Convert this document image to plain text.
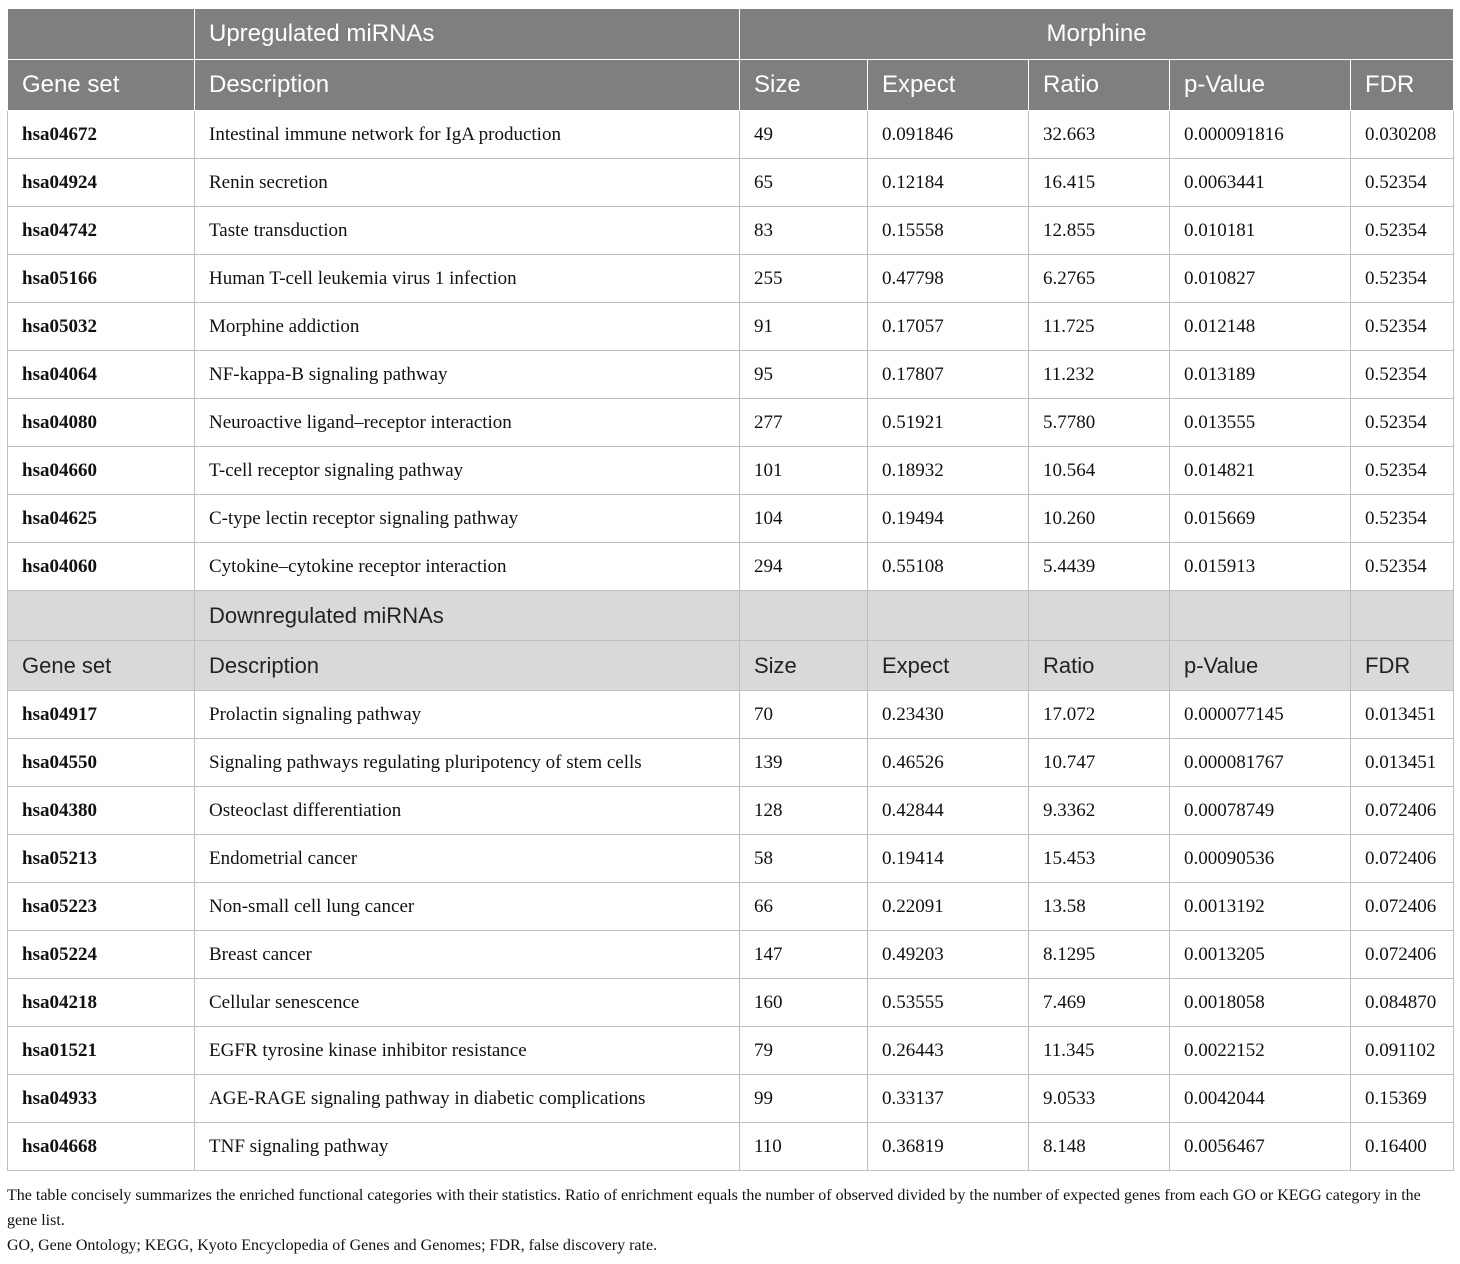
	Upregulated miRNAs	Morphine				
Gene set	Description	Size	Expect	Ratio	p-Value	FDR
hsa04672	Intestinal immune network for IgA production	49	0.091846	32.663	0.000091816	0.030208
hsa04924	Renin secretion	65	0.12184	16.415	0.0063441	0.52354
hsa04742	Taste transduction	83	0.15558	12.855	0.010181	0.52354
hsa05166	Human T-cell leukemia virus 1 infection	255	0.47798	6.2765	0.010827	0.52354
hsa05032	Morphine addiction	91	0.17057	11.725	0.012148	0.52354
hsa04064	NF-kappa-B signaling pathway	95	0.17807	11.232	0.013189	0.52354
hsa04080	Neuroactive ligand–receptor interaction	277	0.51921	5.7780	0.013555	0.52354
hsa04660	T-cell receptor signaling pathway	101	0.18932	10.564	0.014821	0.52354
hsa04625	C-type lectin receptor signaling pathway	104	0.19494	10.260	0.015669	0.52354
hsa04060	Cytokine–cytokine receptor interaction	294	0.55108	5.4439	0.015913	0.52354
	Downregulated miRNAs					
Gene set	Description	Size	Expect	Ratio	p-Value	FDR
hsa04917	Prolactin signaling pathway	70	0.23430	17.072	0.000077145	0.013451
hsa04550	Signaling pathways regulating pluripotency of stem cells	139	0.46526	10.747	0.000081767	0.013451
hsa04380	Osteoclast differentiation	128	0.42844	9.3362	0.00078749	0.072406
hsa05213	Endometrial cancer	58	0.19414	15.453	0.00090536	0.072406
hsa05223	Non-small cell lung cancer	66	0.22091	13.58	0.0013192	0.072406
hsa05224	Breast cancer	147	0.49203	8.1295	0.0013205	0.072406
hsa04218	Cellular senescence	160	0.53555	7.469	0.0018058	0.084870
hsa01521	EGFR tyrosine kinase inhibitor resistance	79	0.26443	11.345	0.0022152	0.091102
hsa04933	AGE-RAGE signaling pathway in diabetic complications	99	0.33137	9.0533	0.0042044	0.15369
hsa04668	TNF signaling pathway	110	0.36819	8.148	0.0056467	0.16400

The table concisely summarizes the enriched functional categories with their statistics. Ratio of enrichment equals the number of observed divided by the number of expected genes from each GO or KEGG category in the gene list.

GO, Gene Ontology; KEGG, Kyoto Encyclopedia of Genes and Genomes; FDR, false discovery rate.
